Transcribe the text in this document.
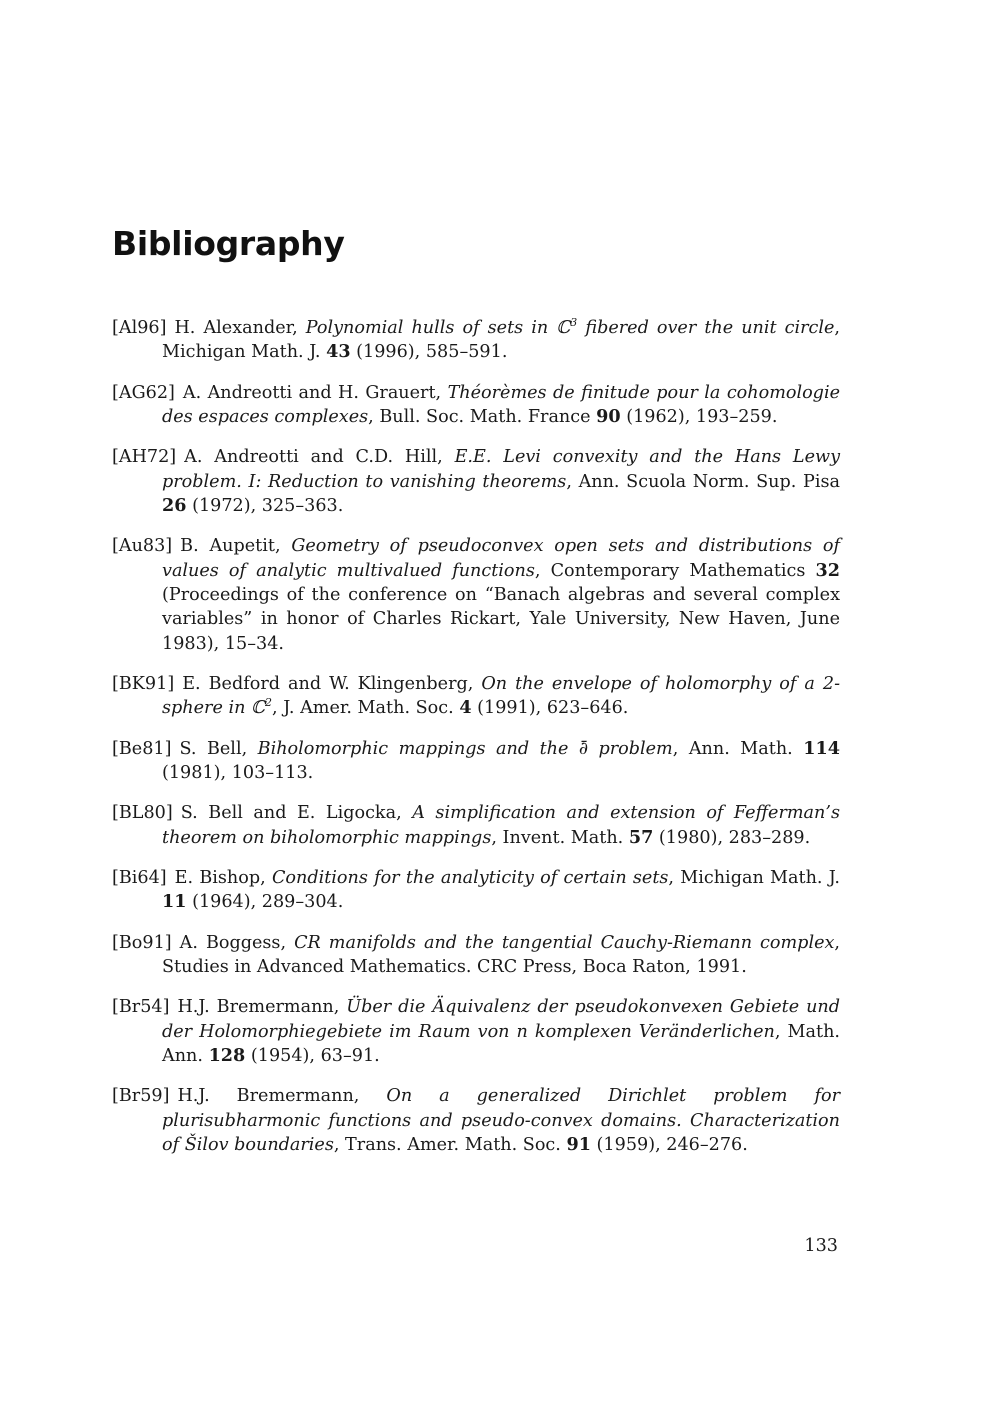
Bibliography
[Al96] H. Alexander, Polynomial hulls of sets in ℂ$^3$ fibered over the unit circle, Michigan Math. J. 43 (1996), 585–591.
[AG62] A. Andreotti and H. Grauert, Théorèmes de finitude pour la cohomologie des espaces complexes, Bull. Soc. Math. France 90 (1962), 193–259.
[AH72] A. Andreotti and C.D. Hill, E.E. Levi convexity and the Hans Lewy problem. I: Reduction to vanishing theorems, Ann. Scuola Norm. Sup. Pisa 26 (1972), 325–363.
[Au83] B. Aupetit, Geometry of pseudoconvex open sets and distributions of values of analytic multivalued functions, Contemporary Mathematics 32 (Proceedings of the conference on “Banach algebras and several complex variables” in honor of Charles Rickart, Yale University, New Haven, June 1983), 15–34.
[BK91] E. Bedford and W. Klingenberg, On the envelope of holomorphy of a 2-sphere in ℂ$^2$, J. Amer. Math. Soc. 4 (1991), 623–646.
[Be81] S. Bell, Biholomorphic mappings and the ∂̄ problem, Ann. Math. 114 (1981), 103–113.
[BL80] S. Bell and E. Ligocka, A simplification and extension of Fefferman’s theorem on biholomorphic mappings, Invent. Math. 57 (1980), 283–289.
[Bi64] E. Bishop, Conditions for the analyticity of certain sets, Michigan Math. J. 11 (1964), 289–304.
[Bo91] A. Boggess, CR manifolds and the tangential Cauchy-Riemann complex, Studies in Advanced Mathematics. CRC Press, Boca Raton, 1991.
[Br54] H.J. Bremermann, Über die Äquivalenz der pseudokonvexen Gebiete und der Holomorphiegebiete im Raum von n komplexen Veränderlichen, Math. Ann. 128 (1954), 63–91.
[Br59] H.J. Bremermann, On a generalized Dirichlet problem for plurisubharmonic functions and pseudo-convex domains. Characterization of Šilov boundaries, Trans. Amer. Math. Soc. 91 (1959), 246–276.
133
